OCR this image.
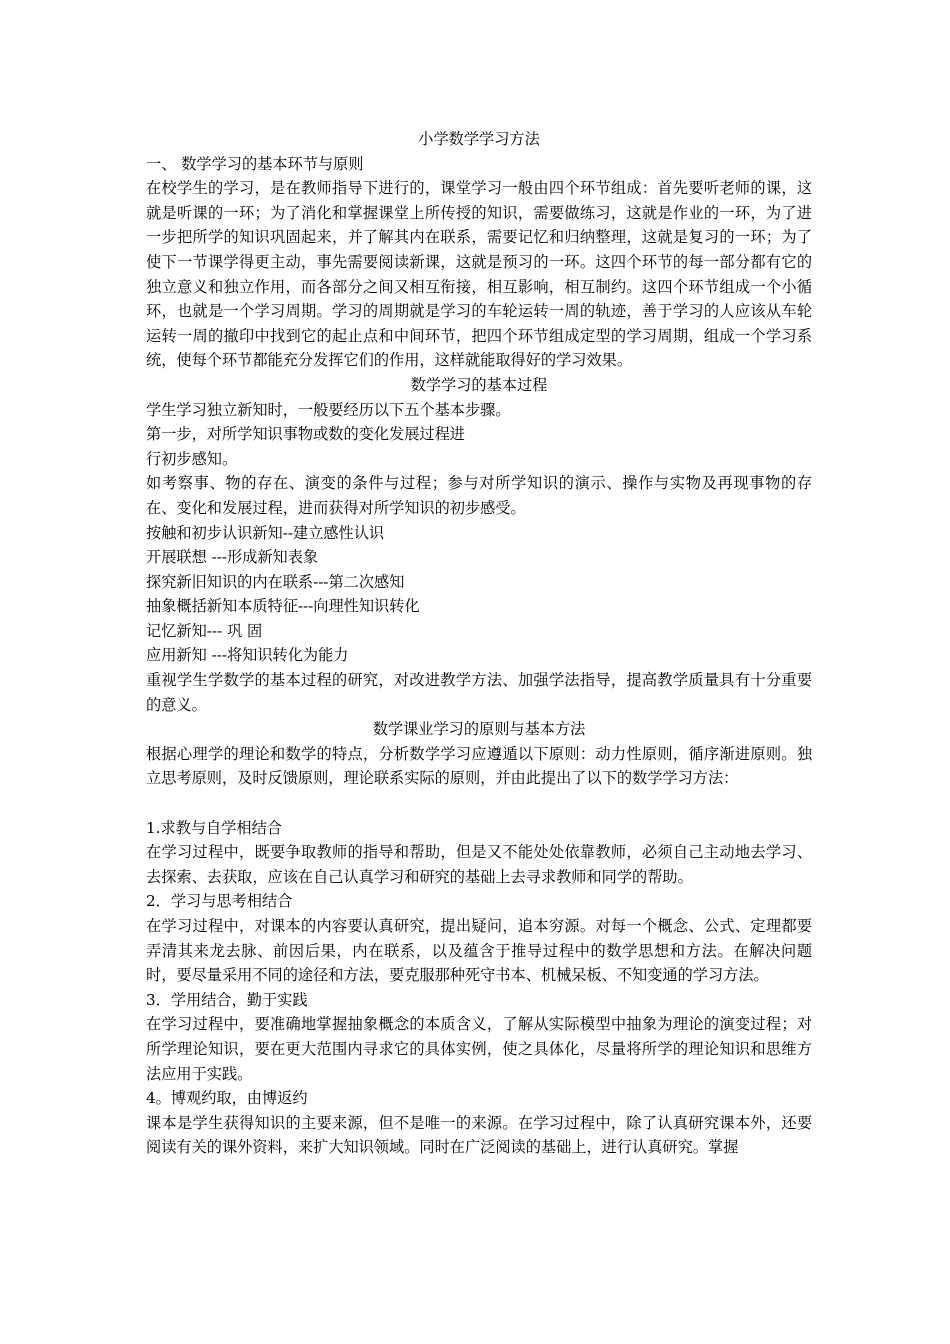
小学数学学习方法
一、 数学学习的基本环节与原则
在校学生的学习，是在教师指导下进行的，课堂学习一般由四个环节组成：首先要听老师的课，这就是听课的一环；为了消化和掌握课堂上所传授的知识，需要做练习，这就是作业的一环，为了进一步把所学的知识巩固起来，并了解其内在联系，需要记忆和归纳整理，这就是复习的一环；为了使下一节课学得更主动，事先需要阅读新课，这就是预习的一环。这四个环节的每一部分都有它的独立意义和独立作用，而各部分之间又相互衔接，相互影响，相互制约。这四个环节组成一个小循环，也就是一个学习周期。学习的周期就是学习的车轮运转一周的轨迹，善于学习的人应该从车轮运转一周的撤印中找到它的起止点和中间环节，把四个环节组成定型的学习周期，组成一个学习系统，使每个环节都能充分发挥它们的作用，这样就能取得好的学习效果。
数学学习的基本过程
学生学习独立新知时，一般要经历以下五个基本步骤。
第一步，对所学知识事物或数的变化发展过程进
行初步感知。
如考察事、物的存在、演变的条件与过程；参与对所学知识的演示、操作与实物及再现事物的存在、变化和发展过程，进而获得对所学知识的初步感受。
按触和初步认识新知--建立感性认识
开展联想 ---形成新知表象
探究新旧知识的内在联系---第二次感知
抽象概括新知本质特征---向理性知识转化
记忆新知--- 巩 固
应用新知 ---将知识转化为能力
重视学生学数学的基本过程的研究，对改进教学方法、加强学法指导，提高教学质量具有十分重要的意义。
数学课业学习的原则与基本方法
根据心理学的理论和数学的特点，分析数学学习应遵遁以下原则：动力性原则，循序渐进原则。独立思考原则，及时反馈原则，理论联系实际的原则，并由此提出了以下的数学学习方法：
1.求教与自学相结合
在学习过程中，既要争取教师的指导和帮助，但是又不能处处依靠教师，必须自己主动地去学习、去探索、去获取，应该在自己认真学习和研究的基础上去寻求教师和同学的帮助。
2．学习与思考相结合
在学习过程中，对课本的内容要认真研究，提出疑问，追本穷源。对每一个概念、公式、定理都要弄清其来龙去脉、前因后果，内在联系，以及蕴含于推导过程中的数学思想和方法。在解决问题时，要尽量采用不同的途径和方法，要克服那种死守书本、机械呆板、不知变通的学习方法。
3．学用结合，勤于实践
在学习过程中，要准确地掌握抽象概念的本质含义，了解从实际模型中抽象为理论的演变过程；对所学理论知识，要在更大范围内寻求它的具体实例，使之具体化，尽量将所学的理论知识和思维方法应用于实践。
4。博观约取，由博返约
课本是学生获得知识的主要来源，但不是唯一的来源。在学习过程中，除了认真研究课本外，还要阅读有关的课外资料，来扩大知识领域。同时在广泛阅读的基础上，进行认真研究。掌握
